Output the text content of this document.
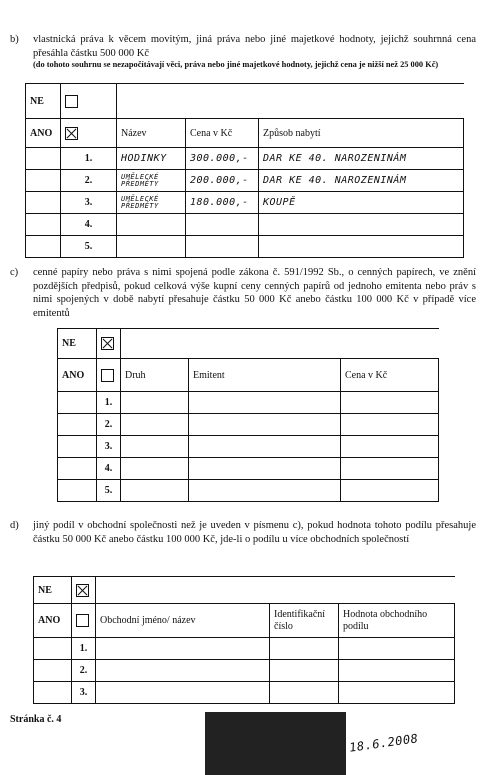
b) vlastnická práva k věcem movitým, jiná práva nebo jiné majetkové hodnoty, jejichž souhrnná cena přesáhla částku 500 000 Kč
(do tohoto souhrnu se nezapočítávají věci, práva nebo jiné majetkové hodnoty, jejichž cena je nižší než 25 000 Kč)
NE				
ANO		Název	Cena v Kč	Způsob nabytí
	1.	HODINKY	300.000,-	DAR KE 40. NAROZENINÁM
	2.	UMĚLECKÉ PŘEDMĚTY	200.000,-	DAR KE 40. NAROZENINÁM
	3.	UMĚLECKÉ PŘEDMĚTY	180.000,-	KOUPĚ
	4.			
	5.			
c) cenné papíry nebo práva s nimi spojená podle zákona č. 591/1992 Sb., o cenných papírech, ve znění pozdějších předpisů, pokud celková výše kupní ceny cenných papírů od jednoho emitenta nebo práv s nimi spojených v době nabytí přesahuje částku 50 000 Kč anebo částku 100 000 Kč v případě více emitentů
NE				
ANO		Druh	Emitent	Cena v Kč
	1.			
	2.			
	3.			
	4.			
	5.			
d) jiný podíl v obchodní společnosti než je uveden v písmenu c), pokud hodnota tohoto podílu přesahuje částku 50 000 Kč anebo částku 100 000 Kč, jde-li o podílu u více obchodních společností
NE				
ANO		Obchodní jméno/ název	Identifikační číslo	Hodnota obchodního podílu
	1.			
	2.			
	3.			
Stránka č. 4
18.6.2008
